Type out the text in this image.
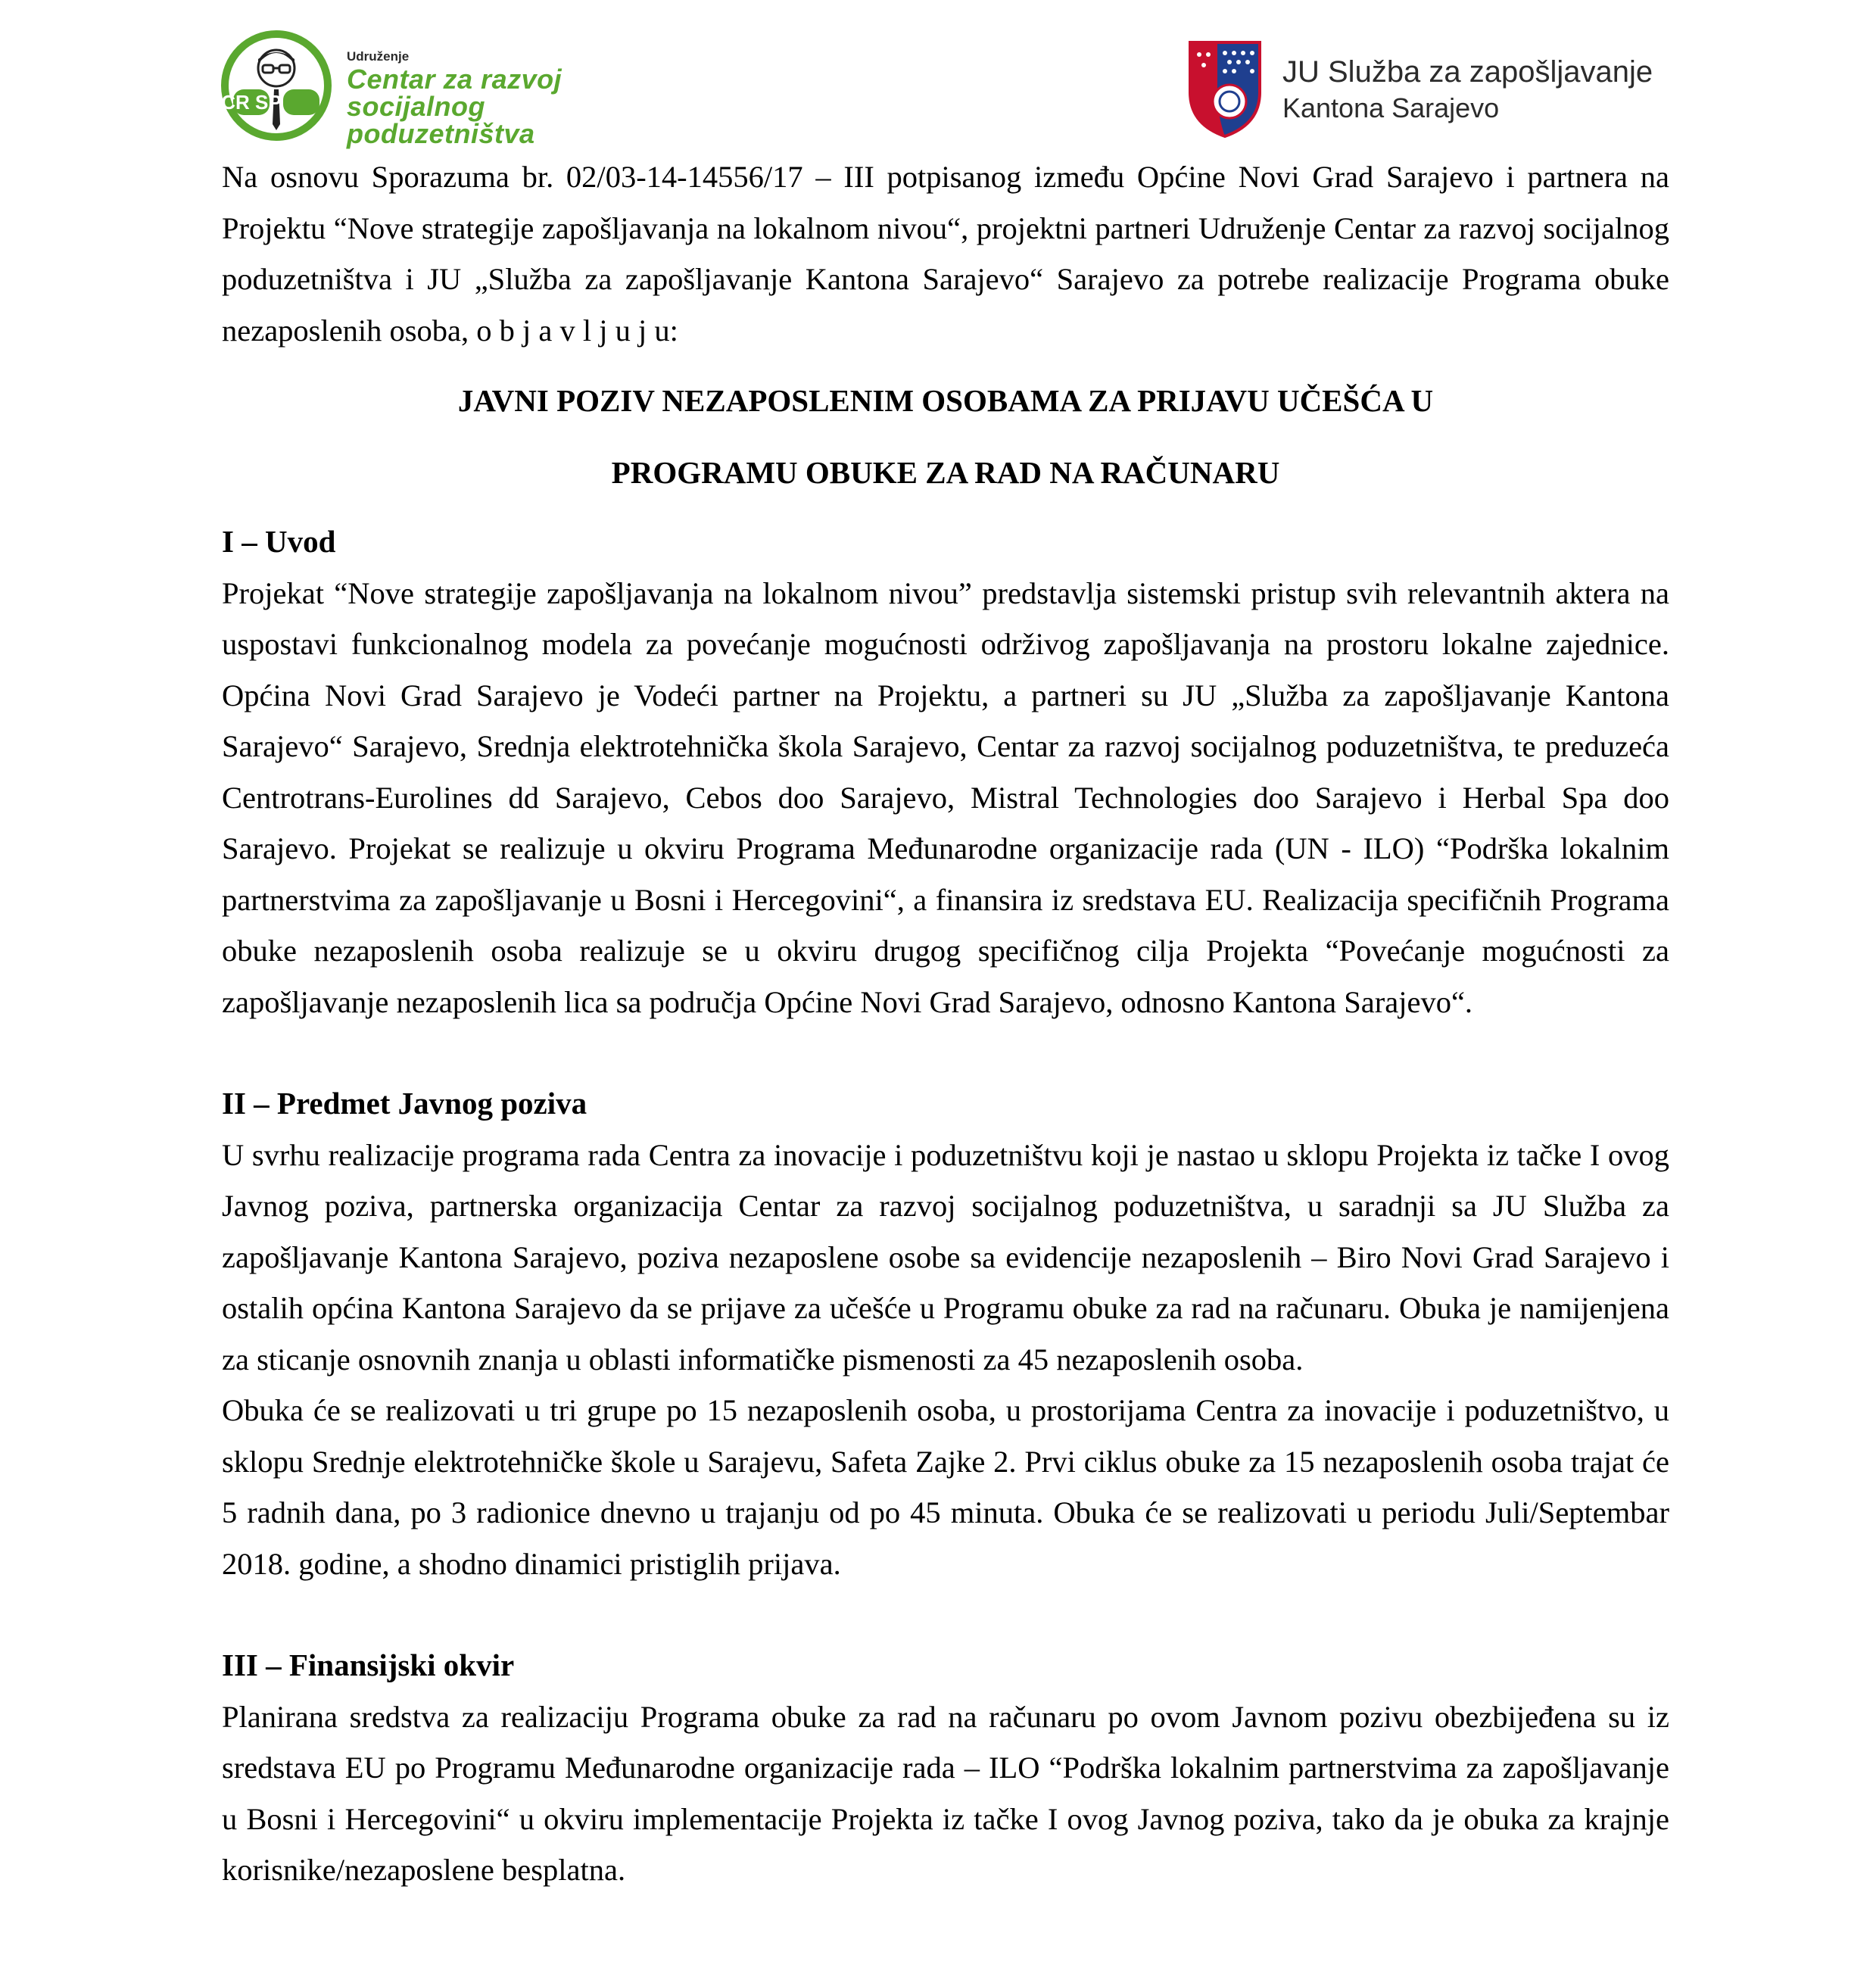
CR SP
Udruženje
Centar za razvoj
socijalnog poduzetništva
JU Služba za zapošljavanje
Kantona Sarajevo

Na osnovu Sporazuma br. 02/03-14-14556/17 – III potpisanog između Općine Novi Grad Sarajevo i partnera na Projektu “Nove strategije zapošljavanja na lokalnom nivou“, projektni partneri Udruženje Centar za razvoj socijalnog poduzetništva i JU „Služba za zapošljavanje Kantona Sarajevo“ Sarajevo za potrebe realizacije Programa obuke nezaposlenih osoba, o b j a v l j u j u:

JAVNI POZIV NEZAPOSLENIM OSOBAMA ZA PRIJAVU UČEŠĆA U
PROGRAMU OBUKE ZA RAD NA RAČUNARU
I – Uvod

Projekat “Nove strategije zapošljavanja na lokalnom nivou” predstavlja sistemski pristup svih relevantnih aktera na uspostavi funkcionalnog modela za povećanje mogućnosti održivog zapošljavanja na prostoru lokalne zajednice. Općina Novi Grad Sarajevo je Vodeći partner na Projektu, a partneri su JU „Služba za zapošljavanje Kantona Sarajevo“ Sarajevo, Srednja elektrotehnička škola Sarajevo, Centar za razvoj socijalnog poduzetništva, te preduzeća Centrotrans-Eurolines dd Sarajevo, Cebos doo Sarajevo, Mistral Technologies doo Sarajevo i Herbal Spa doo Sarajevo. Projekat se realizuje u okviru Programa Međunarodne organizacije rada (UN - ILO) “Podrška lokalnim partnerstvima za zapošljavanje u Bosni i Hercegovini“, a finansira iz sredstava EU. Realizacija specifičnih Programa obuke nezaposlenih osoba realizuje se u okviru drugog specifičnog cilja Projekta “Povećanje mogućnosti za zapošljavanje nezaposlenih lica sa područja Općine Novi Grad Sarajevo, odnosno Kantona Sarajevo“.

II – Predmet Javnog poziva

U svrhu realizacije programa rada Centra za inovacije i poduzetništvu koji je nastao u sklopu Projekta iz tačke I ovog Javnog poziva, partnerska organizacija Centar za razvoj socijalnog poduzetništva, u saradnji sa JU Služba za zapošljavanje Kantona Sarajevo, poziva nezaposlene osobe sa evidencije nezaposlenih – Biro Novi Grad Sarajevo i ostalih općina Kantona Sarajevo da se prijave za učešće u Programu obuke za rad na računaru. Obuka je namijenjena za sticanje osnovnih znanja u oblasti informatičke pismenosti za 45 nezaposlenih osoba.

Obuka će se realizovati u tri grupe po 15 nezaposlenih osoba, u prostorijama Centra za inovacije i poduzetništvo, u sklopu Srednje elektrotehničke škole u Sarajevu, Safeta Zajke 2. Prvi ciklus obuke za 15 nezaposlenih osoba trajat će 5 radnih dana, po 3 radionice dnevno u trajanju od po 45 minuta. Obuka će se realizovati u periodu Juli/Septembar 2018. godine, a shodno dinamici pristiglih prijava.

III – Finansijski okvir

Planirana sredstva za realizaciju Programa obuke za rad na računaru po ovom Javnom pozivu obezbijeđena su iz sredstava EU po Programu Međunarodne organizacije rada – ILO “Podrška lokalnim partnerstvima za zapošljavanje u Bosni i Hercegovini“ u okviru implementacije Projekta iz tačke I ovog Javnog poziva, tako da je obuka za krajnje korisnike/nezaposlene besplatna.
